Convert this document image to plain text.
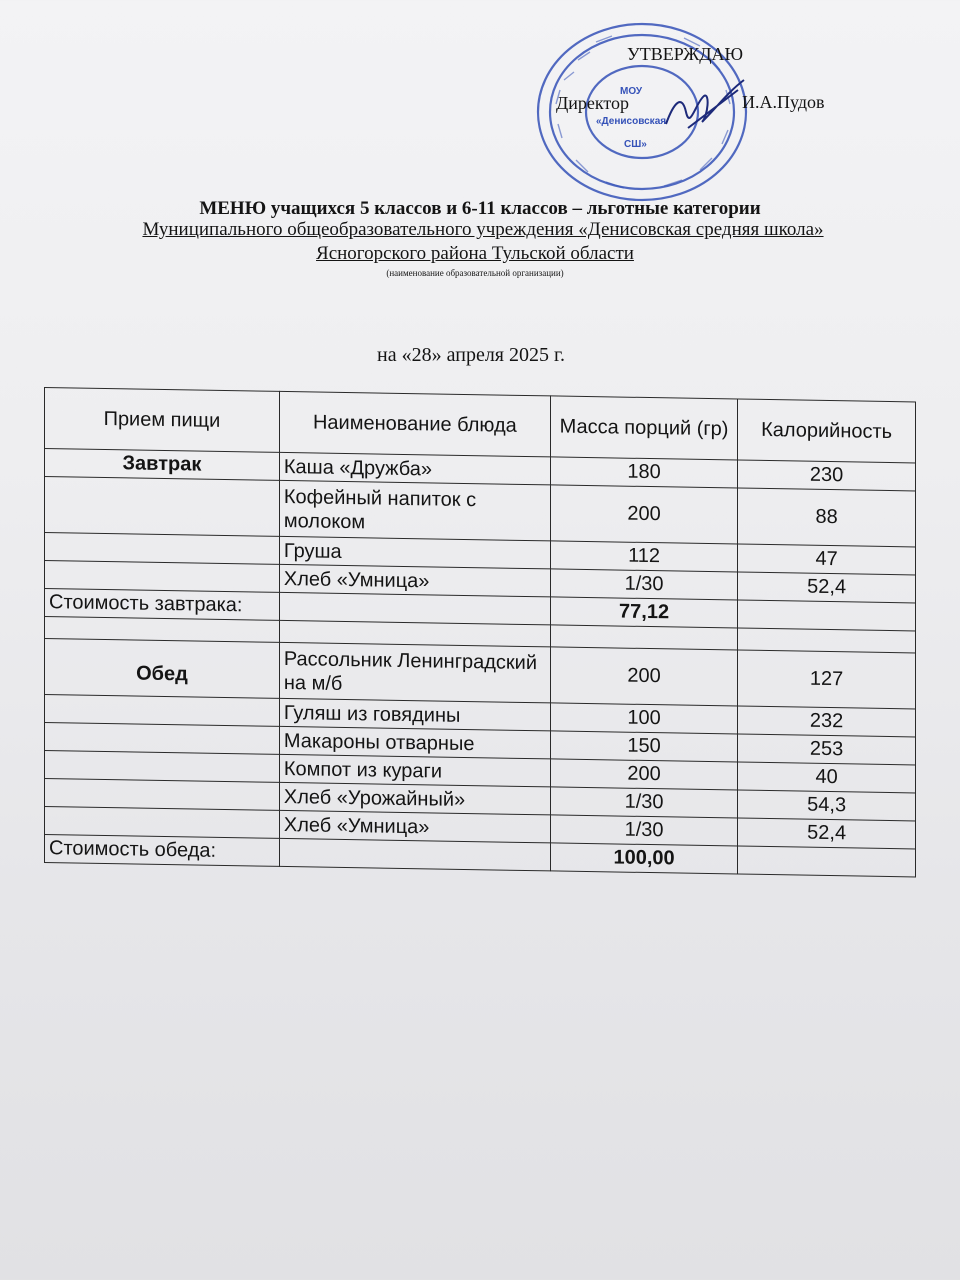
МОУ
«Денисовская
СШ»
УТВЕРЖДАЮ
Директор	И.А.Пудов
МЕНЮ учащихся 5 классов и 6-11 классов – льготные категории
Муниципального общеобразовательного учреждения «Денисовская средняя школа»
Ясногорского района Тульской области
(наименование образовательной организации)
на «28» апреля 2025 г.
Прием пищи	Наименование блюда	Масса порций (гр)	Калорийность
Завтрак	Каша «Дружба»	180	230
	Кофейный напиток с молоком	200	88
	Груша	112	47
	Хлеб «Умница»	1/30	52,4
Стоимость завтрака:		77,12	

Обед	Рассольник Ленинградский на м/б	200	127
	Гуляш из говядины	100	232
	Макароны отварные	150	253
	Компот из кураги	200	40
	Хлеб «Урожайный»	1/30	54,3
	Хлеб «Умница»	1/30	52,4
Стоимость обеда:		100,00	
